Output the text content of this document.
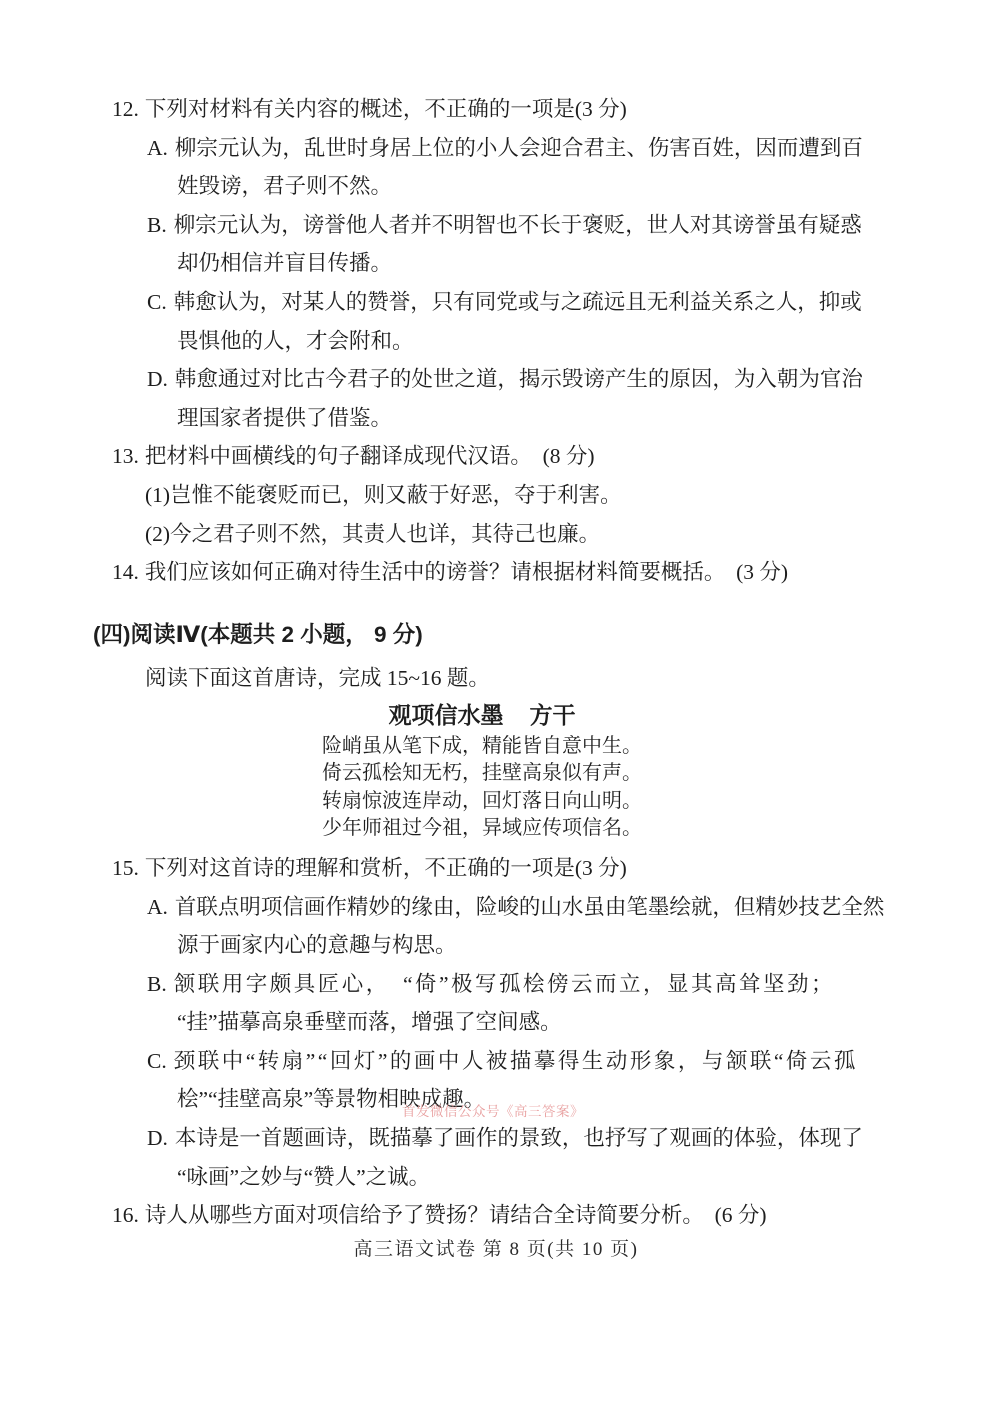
12. 下列对材料有关内容的概述，不正确的一项是(3 分)
A. 柳宗元认为，乱世时身居上位的小人会迎合君主、伤害百姓，因而遭到百
姓毁谤，君子则不然。
B. 柳宗元认为，谤誉他人者并不明智也不长于褒贬，世人对其谤誉虽有疑惑
却仍相信并盲目传播。
C. 韩愈认为，对某人的赞誉，只有同党或与之疏远且无利益关系之人，抑或
畏惧他的人，才会附和。
D. 韩愈通过对比古今君子的处世之道，揭示毁谤产生的原因，为入朝为官治
理国家者提供了借鉴。
13. 把材料中画横线的句子翻译成现代汉语。　(8 分)
(1)岂惟不能褒贬而已，则又蔽于好恶，夺于利害。
(2)今之君子则不然，其责人也详，其待己也廉。
14. 我们应该如何正确对待生活中的谤誉？请根据材料简要概括。　(3 分)
(四)阅读Ⅳ(本题共 2 小题， 9 分)
阅读下面这首唐诗，完成 15~16 题。
观项信水墨 方干
险峭虽从笔下成，精能皆自意中生。
倚云孤桧知无朽，挂壁高泉似有声。
转扇惊波连岸动，回灯落日向山明。
少年师祖过今祖，异域应传项信名。
15. 下列对这首诗的理解和赏析，不正确的一项是(3 分)
A. 首联点明项信画作精妙的缘由，险峻的山水虽由笔墨绘就，但精妙技艺全然
源于画家内心的意趣与构思。
B. 颔联用字颇具匠心，　“倚”极写孤桧傍云而立，显其高耸坚劲；
“挂”描摹高泉垂壁而落，增强了空间感。
C. 颈联中“转扇”“回灯”的画中人被描摹得生动形象，与颔联“倚云孤
桧”“挂壁高泉”等景物相映成趣。
D. 本诗是一首题画诗，既描摹了画作的景致，也抒写了观画的体验，体现了
“咏画”之妙与“赞人”之诚。
16. 诗人从哪些方面对项信给予了赞扬？请结合全诗简要分析。　(6 分)
首发微信公众号《高三答案》
高三语文试卷 第 8 页(共 10 页)
